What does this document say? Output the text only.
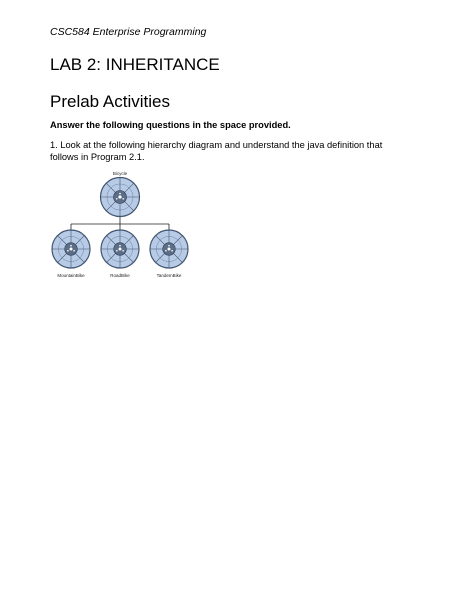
CSC584 Enterprise Programming
LAB 2: INHERITANCE
Prelab Activities
Answer the following questions in the space provided.
1. Look at the following hierarchy diagram and understand the java definition that follows in Program 2.1.
Bicycle
MountainBike	RoadBike	TandemBike
